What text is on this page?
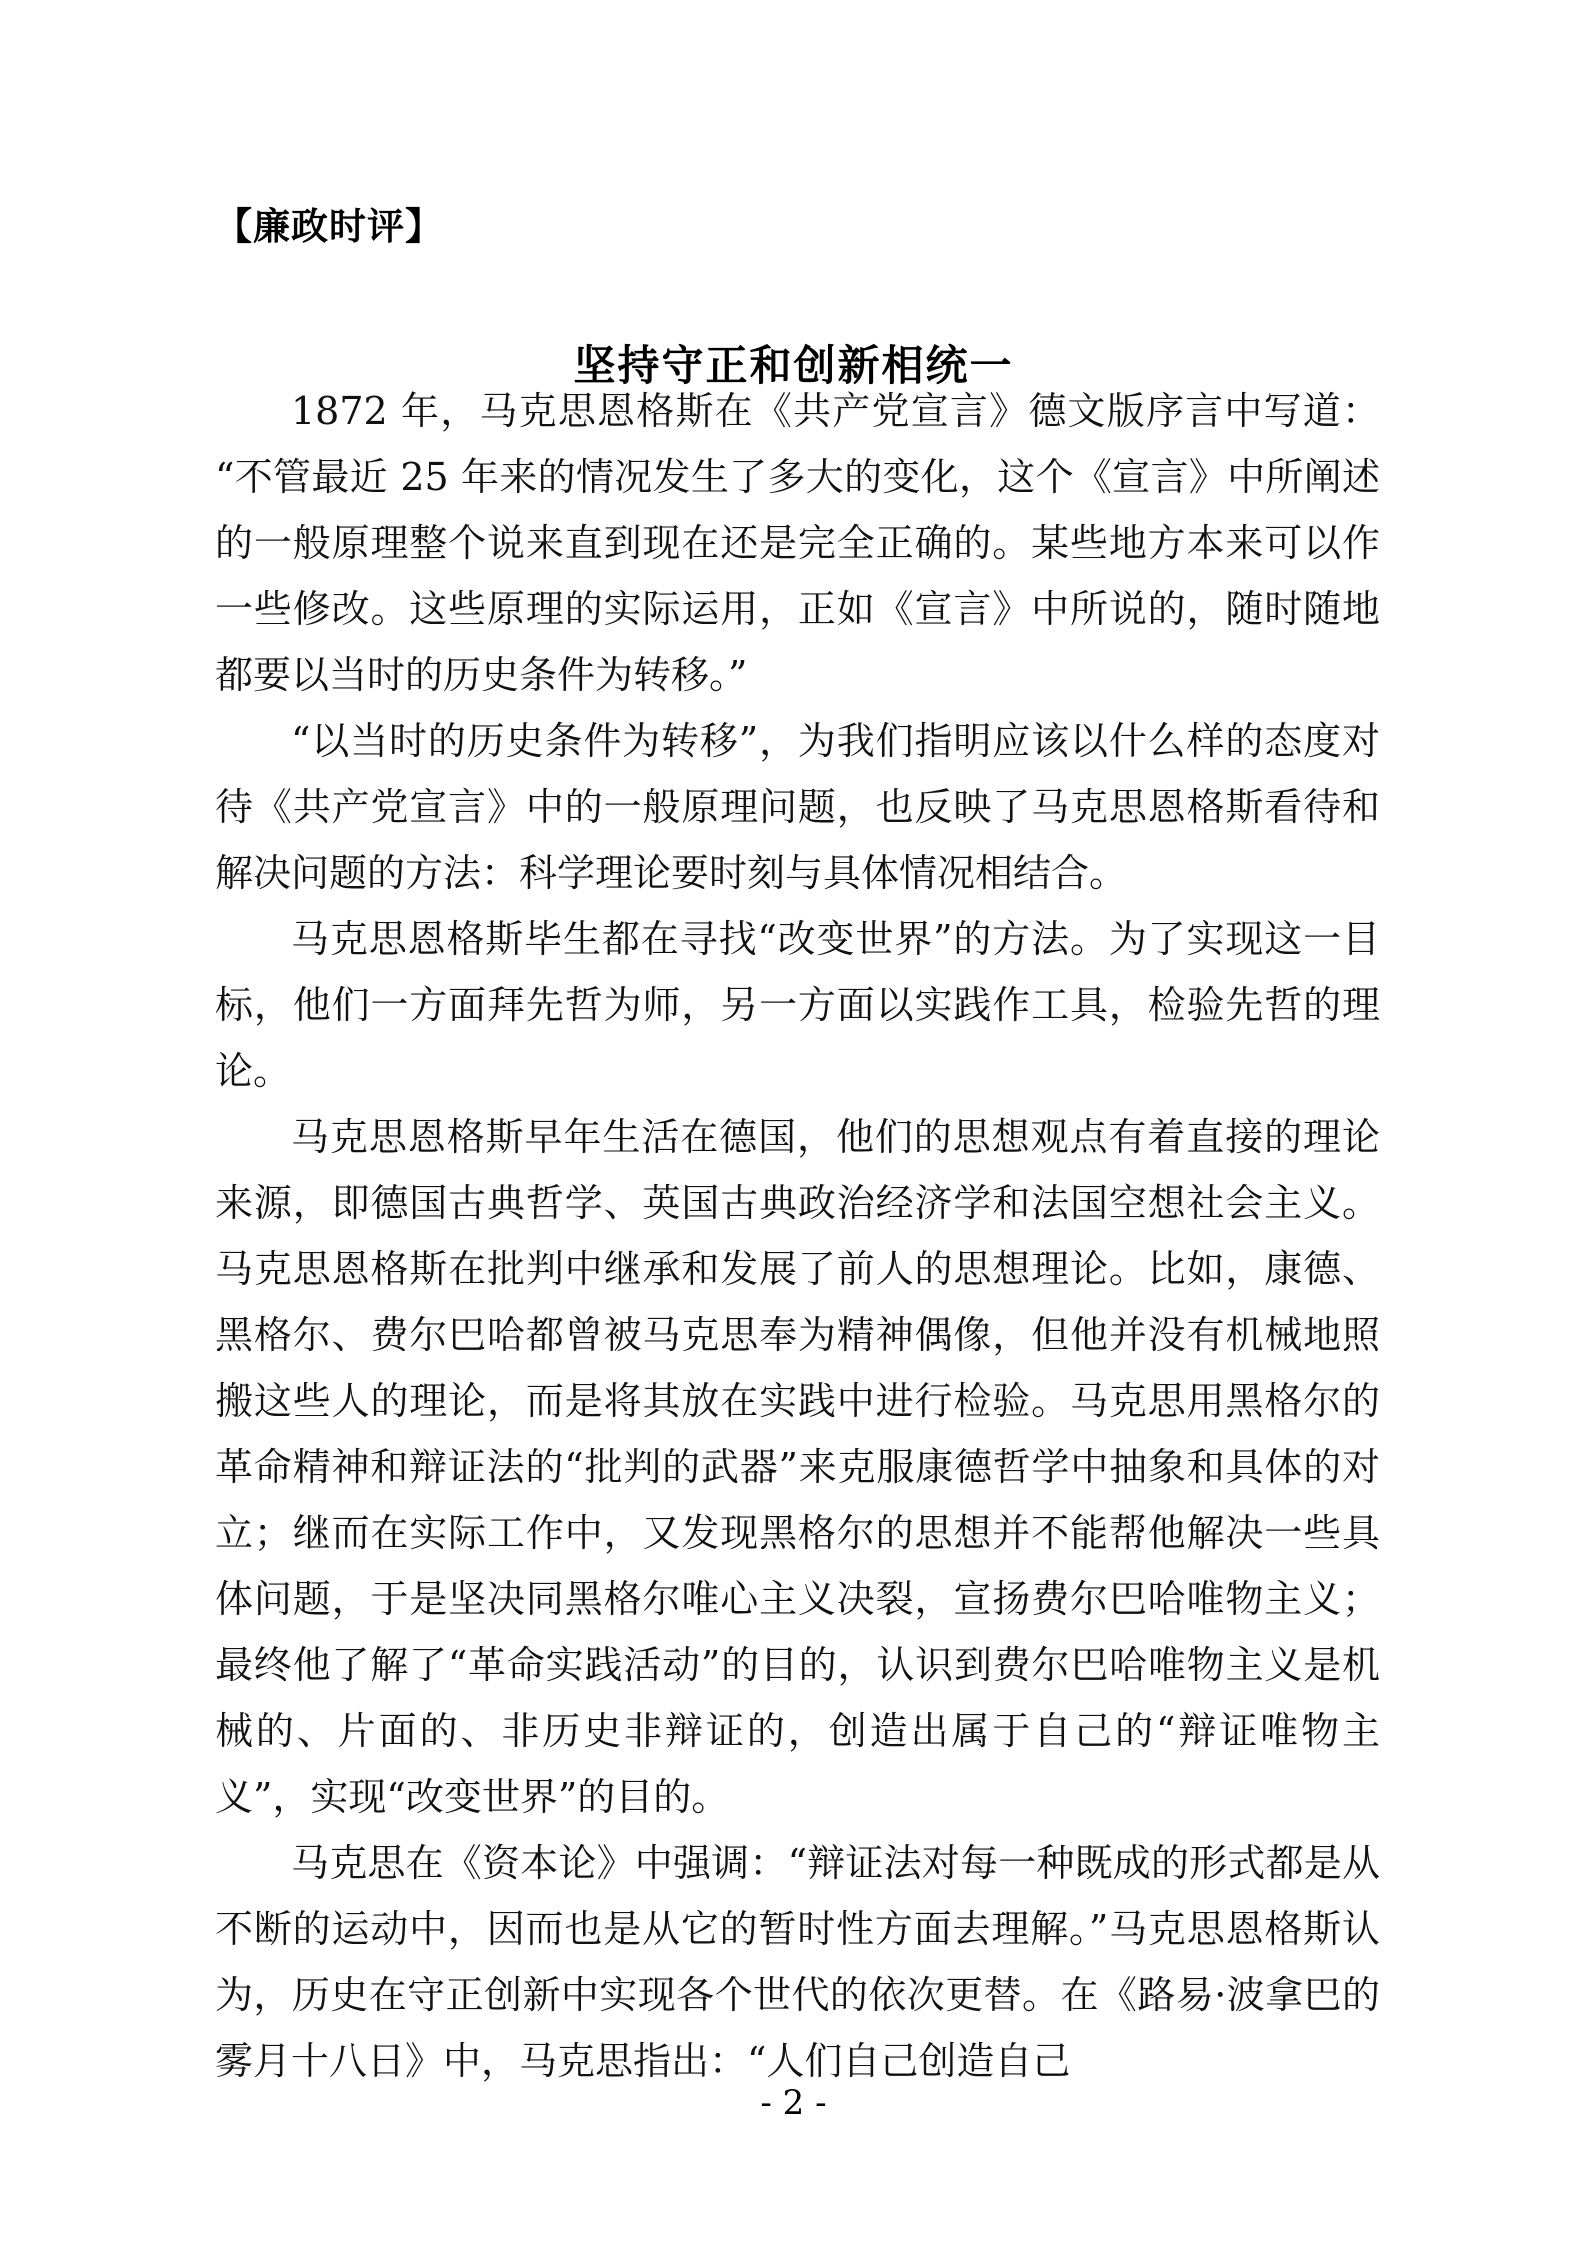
【廉政时评】
坚持守正和创新相统一

1872 年，马克思恩格斯在《共产党宣言》德文版序言中写道：“不管最近 25 年来的情况发生了多大的变化，这个《宣言》中所阐述的一般原理整个说来直到现在还是完全正确的。某些地方本来可以作一些修改。这些原理的实际运用，正如《宣言》中所说的，随时随地都要以当时的历史条件为转移。”

“以当时的历史条件为转移”，为我们指明应该以什么样的态度对待《共产党宣言》中的一般原理问题，也反映了马克思恩格斯看待和解决问题的方法：科学理论要时刻与具体情况相结合。

马克思恩格斯毕生都在寻找“改变世界”的方法。为了实现这一目标，他们一方面拜先哲为师，另一方面以实践作工具，检验先哲的理论。

马克思恩格斯早年生活在德国，他们的思想观点有着直接的理论来源，即德国古典哲学、英国古典政治经济学和法国空想社会主义。马克思恩格斯在批判中继承和发展了前人的思想理论。比如，康德、黑格尔、费尔巴哈都曾被马克思奉为精神偶像，但他并没有机械地照搬这些人的理论，而是将其放在实践中进行检验。马克思用黑格尔的革命精神和辩证法的“批判的武器”来克服康德哲学中抽象和具体的对立；继而在实际工作中，又发现黑格尔的思想并不能帮他解决一些具体问题，于是坚决同黑格尔唯心主义决裂，宣扬费尔巴哈唯物主义；最终他了解了“革命实践活动”的目的，认识到费尔巴哈唯物主义是机械的、片面的、非历史非辩证的，创造出属于自己的“辩证唯物主义”，实现“改变世界”的目的。

马克思在《资本论》中强调：“辩证法对每一种既成的形式都是从不断的运动中，因而也是从它的暂时性方面去理解。”马克思恩格斯认为，历史在守正创新中实现各个世代的依次更替。在《路易·波拿巴的雾月十八日》中，马克思指出：“人们自己创造自己

- 2 -
